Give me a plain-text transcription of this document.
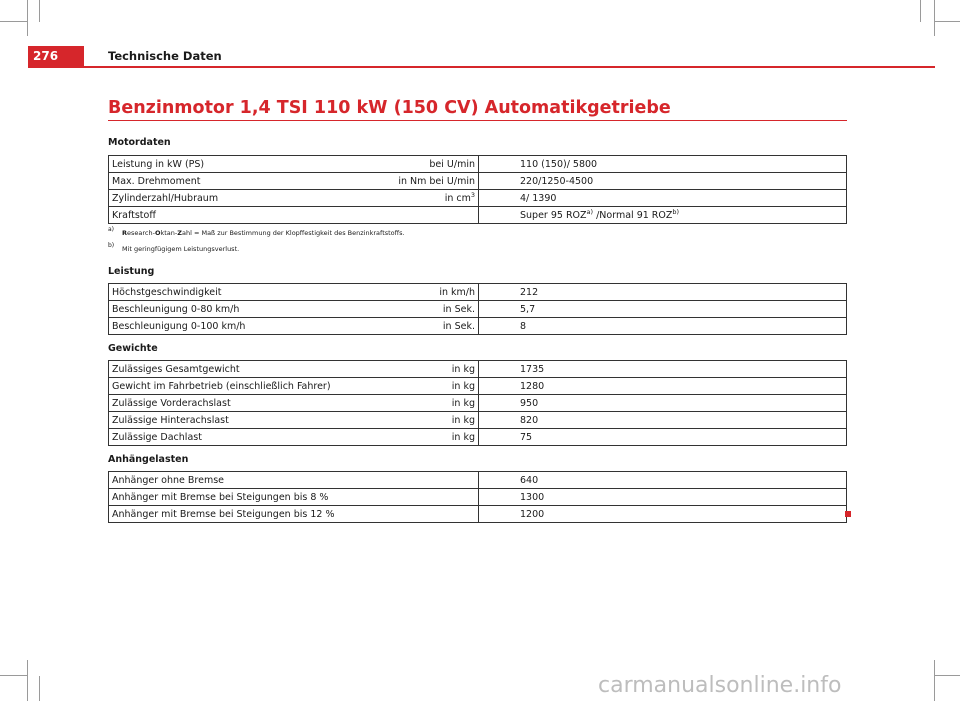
276	Technische Daten
Benzinmotor 1,4 TSI 110 kW (150 CV) Automatikgetriebe
Motordaten
Leistung in kW (PS) bei U/min	110 (150)/ 5800
Max. Drehmoment in Nm bei U/min	220/1250-4500
Zylinderzahl/Hubraum in $cm^3$	4/ 1390
Kraftstoff	Super 95 ROZ$^{a)}$ /Normal 91 ROZ$^{b)}$
a) Research-Oktan-Zahl = Maß zur Bestimmung der Klopffestigkeit des Benzinkraftstoffs.
b) Mit geringfügigem Leistungsverlust.
Leistung
Höchstgeschwindigkeit in km/h	212
Beschleunigung 0-80 km/h in Sek.	5,7
Beschleunigung 0-100 km/h in Sek.	8
Gewichte
Zulässiges Gesamtgewicht in kg	1735
Gewicht im Fahrbetrieb (einschließlich Fahrer) in kg	1280
Zulässige Vorderachslast in kg	950
Zulässige Hinterachslast in kg	820
Zulässige Dachlast in kg	75
Anhängelasten
Anhänger ohne Bremse	640
Anhänger mit Bremse bei Steigungen bis 8 %	1300
Anhänger mit Bremse bei Steigungen bis 12 %	1200
carmanualsonline.info
